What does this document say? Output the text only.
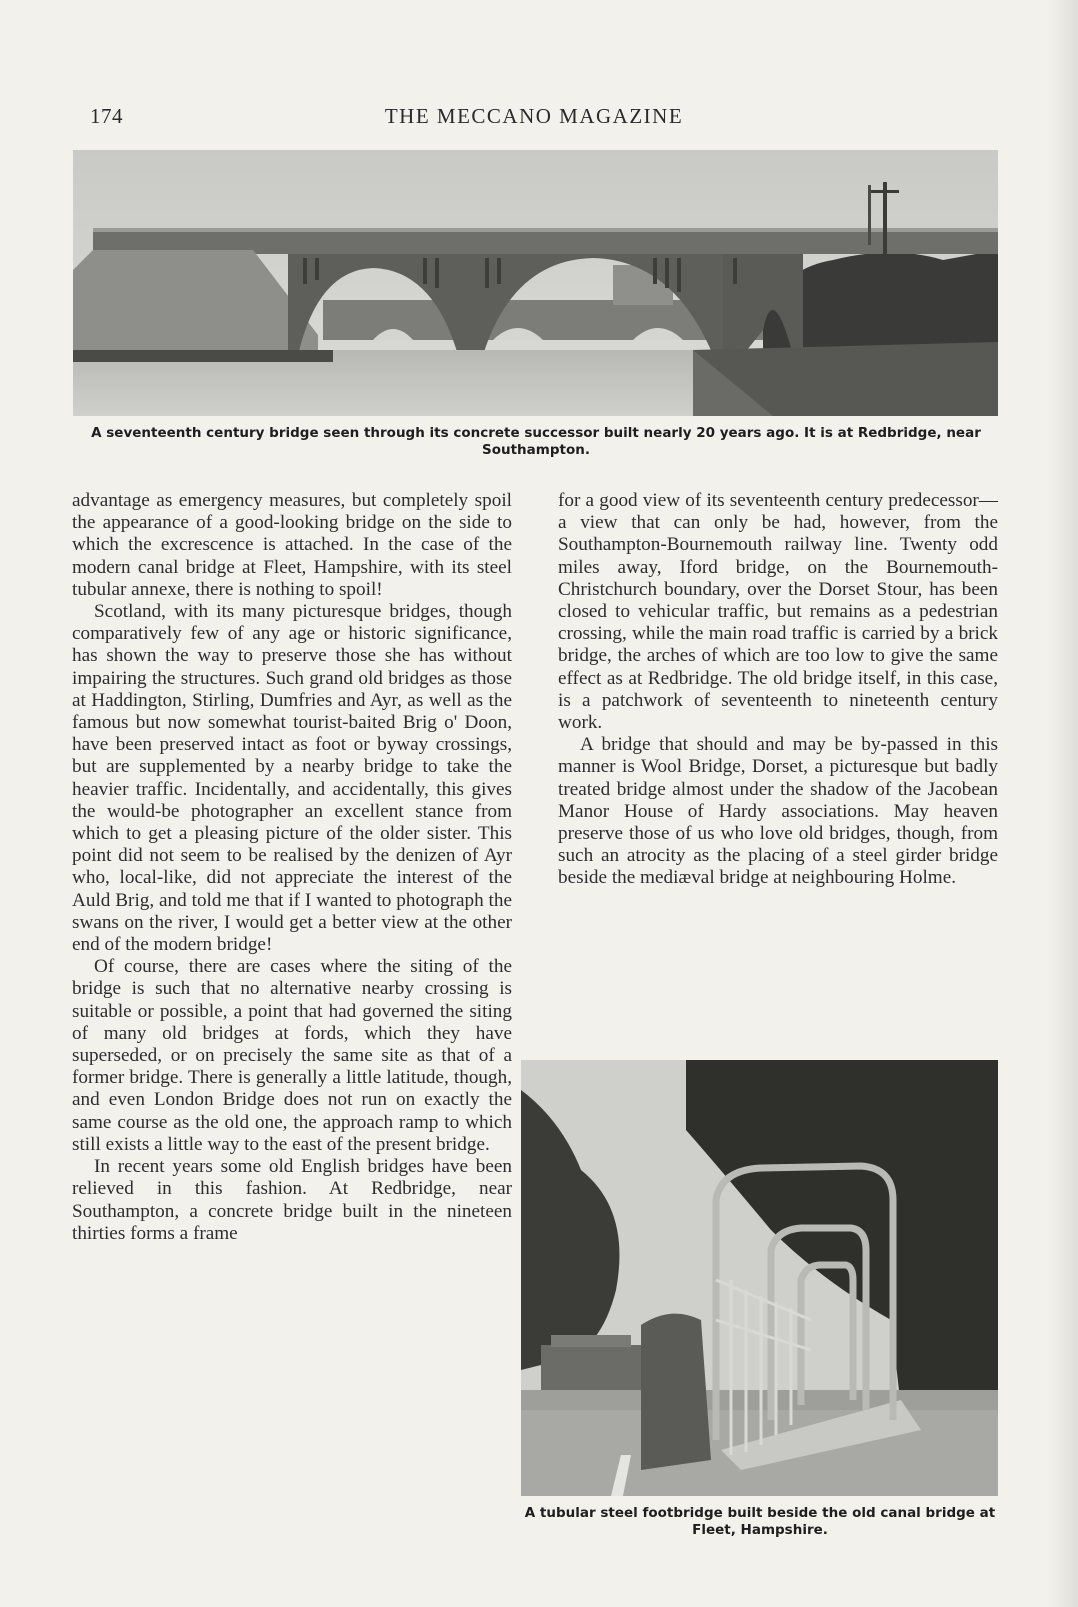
174	THE MECCANO MAGAZINE
A seventeenth century bridge seen through its concrete successor built nearly 20 years ago. It is at Redbridge, near Southampton.

advantage as emergency measures, but completely spoil the appearance of a good-looking bridge on the side to which the excrescence is attached. In the case of the modern canal bridge at Fleet, Hampshire, with its steel tubular annexe, there is nothing to spoil!

Scotland, with its many picturesque bridges, though comparatively few of any age or historic significance, has shown the way to preserve those she has without impairing the structures. Such grand old bridges as those at Haddington, Stirling, Dumfries and Ayr, as well as the famous but now somewhat tourist-baited Brig o' Doon, have been preserved intact as foot or byway crossings, but are supplemented by a nearby bridge to take the heavier traffic. Incidentally, and accidentally, this gives the would-be photographer an excellent stance from which to get a pleasing picture of the older sister. This point did not seem to be realised by the denizen of Ayr who, local-like, did not appreciate the interest of the Auld Brig, and told me that if I wanted to photograph the swans on the river, I would get a better view at the other end of the modern bridge!

Of course, there are cases where the siting of the bridge is such that no alternative nearby crossing is suitable or possible, a point that had governed the siting of many old bridges at fords, which they have superseded, or on precisely the same site as that of a former bridge. There is generally a little latitude, though, and even London Bridge does not run on exactly the same course as the old one, the approach ramp to which still exists a little way to the east of the present bridge.

In recent years some old English bridges have been relieved in this fashion. At Redbridge, near Southampton, a concrete bridge built in the nineteen thirties forms a frame

for a good view of its seventeenth century predecessor—a view that can only be had, however, from the Southampton-Bournemouth railway line. Twenty odd miles away, Iford bridge, on the Bournemouth-Christchurch boundary, over the Dorset Stour, has been closed to vehicular traffic, but remains as a pedestrian crossing, while the main road traffic is carried by a brick bridge, the arches of which are too low to give the same effect as at Redbridge. The old bridge itself, in this case, is a patchwork of seventeenth to nineteenth century work.

A bridge that should and may be by-passed in this manner is Wool Bridge, Dorset, a picturesque but badly treated bridge almost under the shadow of the Jacobean Manor House of Hardy associations. May heaven preserve those of us who love old bridges, though, from such an atrocity as the placing of a steel girder bridge beside the mediæval bridge at neighbouring Holme.

A tubular steel footbridge built beside the old canal bridge at Fleet, Hampshire.
